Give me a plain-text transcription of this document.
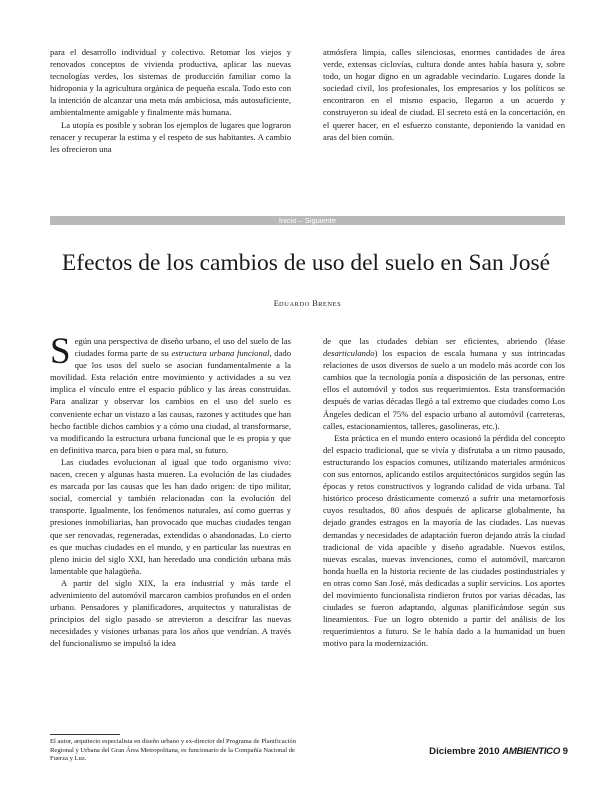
para el desarrollo individual y colectivo. Retomar los viejos y renovados conceptos de vivienda productiva, aplicar las nuevas tecnologías verdes, los sistemas de producción familiar como la hidroponia y la agricultura orgánica de pequeña escala. Todo esto con la intención de alcanzar una meta más ambiciosa, más autosuficiente, ambientalmente amigable y finalmente más humana.

La utopía es posible y sobran los ejemplos de lugares que lograron renacer y recuperar la estima y el respeto de sus habitantes. A cambio les ofrecieron una

atmósfera limpia, calles silenciosas, enormes cantidades de área verde, extensas ciclovías, cultura donde antes había basura y, sobre todo, un hogar digno en un agradable vecindario. Lugares donde la sociedad civil, los profesionales, los empresarios y los políticos se encontraron en el mismo espacio, llegaron a un acuerdo y construyeron su ideal de ciudad. El secreto está en la concertación, en el querer hacer, en el esfuerzo constante, deponiendo la vanidad en aras del bien común.

Inicio – Siguiente
Efectos de los cambios de uso del suelo en San José
EDUARDO BRENES

Según una perspectiva de diseño urbano, el uso del suelo de las ciudades forma parte de su estructura urbana funcional, dado que los usos del suelo se asocian fundamentalmente a la movilidad. Esta relación entre movimiento y actividades a su vez implica el vínculo entre el espacio público y las áreas construidas. Para analizar y observar los cambios en el uso del suelo es conveniente echar un vistazo a las causas, razones y actitudes que han hecho factible dichos cambios y a cómo una ciudad, al transformarse, va modificando la estructura urbana funcional que le es propia y que en definitiva marca, para bien o para mal, su futuro.

Las ciudades evolucionan al igual que todo organismo vivo: nacen, crecen y algunas hasta mueren. La evolución de las ciudades es marcada por las causas que les han dado origen: de tipo militar, social, comercial y también relacionadas con la evolución del transporte. Igualmente, los fenómenos naturales, así como guerras y presiones inmobiliarias, han provocado que muchas ciudades tengan que ser renovadas, regeneradas, extendidas o abandonadas. Lo cierto es que muchas ciudades en el mundo, y en particular las nuestras en pleno inicio del siglo XXI, han heredado una condición urbana más lamentable que halagüeña.

A partir del siglo XIX, la era industrial y más tarde el advenimiento del automóvil marcaron cambios profundos en el orden urbano. Pensadores y planificadores, arquitectos y naturalistas de principios del siglo pasado se atrevieron a descifrar las nuevas necesidades y visiones urbanas para los años que vendrían. A través del funcionalismo se impulsó la idea

de que las ciudades debían ser eficientes, abriendo (léase desarticulando) los espacios de escala humana y sus intrincadas relaciones de usos diversos de suelo a un modelo más acorde con los cambios que la tecnología ponía a disposición de las personas, entre ellos el automóvil y todos sus requerimientos. Esta transformación después de varias décadas llegó a tal extremo que ciudades como Los Ángeles dedican el 75% del espacio urbano al automóvil (carreteras, calles, estacionamientos, talleres, gasolineras, etc.).

Esta práctica en el mundo entero ocasionó la pérdida del concepto del espacio tradicional, que se vivía y disfrutaba a un ritmo pausado, estructurando los espacios comunes, utilizando materiales armónicos con sus entornos, aplicando estilos arquitectónicos surgidos según las épocas y retos constructivos y logrando calidad de vida urbana. Tal histórico proceso drásticamente comenzó a sufrir una metamorfosis cuyos resultados, 80 años después de aplicarse globalmente, ha dejado grandes estragos en la mayoría de las ciudades. Las nuevas demandas y necesidades de adaptación fueron dejando atrás la ciudad tradicional de vida apacible y diseño agradable. Nuevos estilos, nuevas escalas, nuevas invenciones, como el automóvil, marcaron honda huella en la historia reciente de las ciudades postindustriales y en otras como San José, más dedicadas a suplir servicios. Los aportes del movimiento funcionalista rindieron frutos por varias décadas, las ciudades se fueron adaptando, algunas planificándose según sus lineamientos. Fue un logro obtenido a partir del análisis de los requerimientos a futuro. Se le había dado a la humanidad un buen motivo para la modernización.

El autor, arquitecto especialista en diseño urbano y ex-director del Programa de Planificación Regional y Urbana del Gran Área Metropolitana, es funcionario de la Compañía Nacional de Fuerza y Luz.
Diciembre 2010 AMBIENTICO 9
